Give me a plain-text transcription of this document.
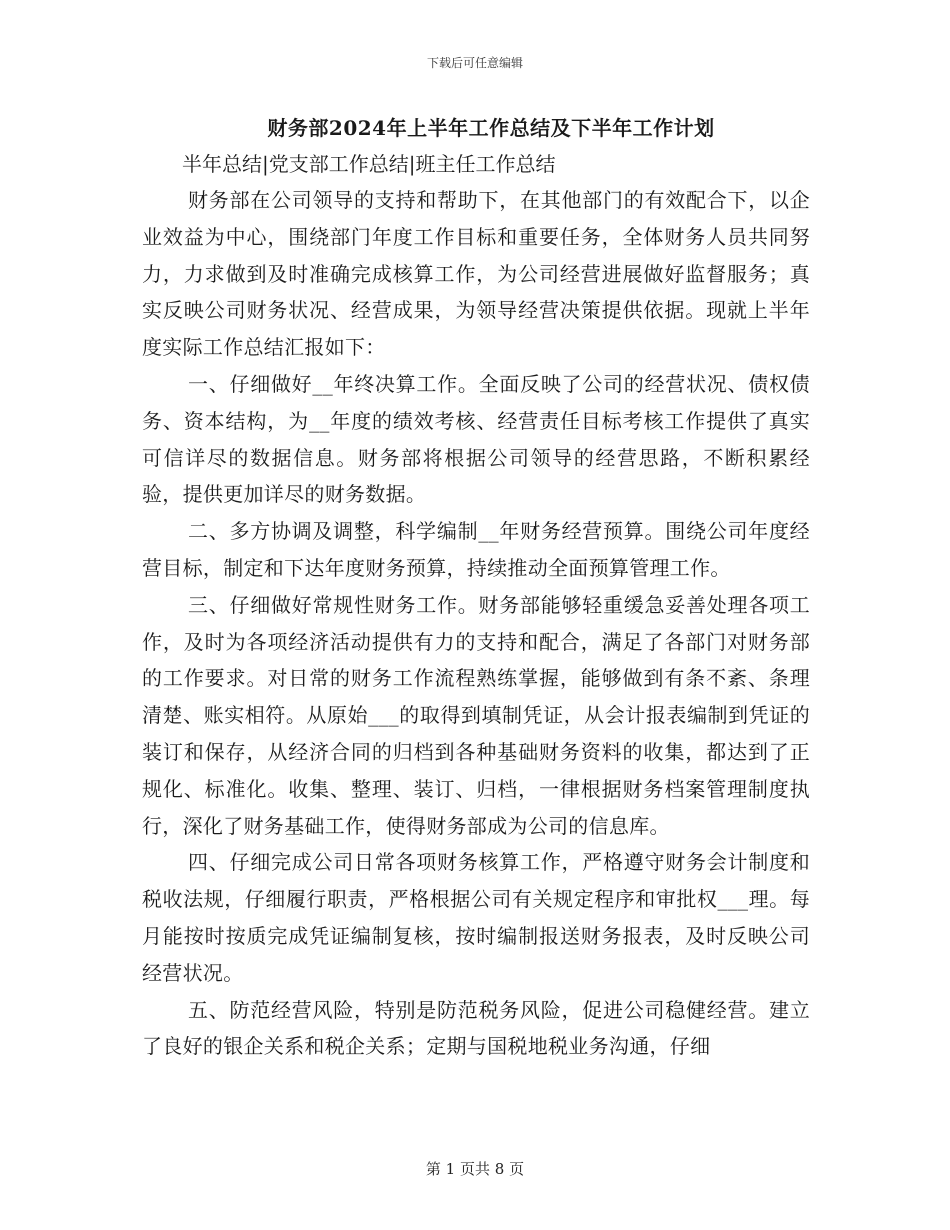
下载后可任意编辑
财务部2024年上半年工作总结及下半年工作计划

半年总结|党支部工作总结|班主任工作总结

财务部在公司领导的支持和帮助下，在其他部门的有效配合下，以企业效益为中心，围绕部门年度工作目标和重要任务，全体财务人员共同努力，力求做到及时准确完成核算工作，为公司经营进展做好监督服务；真实反映公司财务状况、经营成果，为领导经营决策提供依据。现就上半年度实际工作总结汇报如下：

一、仔细做好__年终决算工作。全面反映了公司的经营状况、债权债务、资本结构，为__年度的绩效考核、经营责任目标考核工作提供了真实可信详尽的数据信息。财务部将根据公司领导的经营思路，不断积累经验，提供更加详尽的财务数据。

二、多方协调及调整，科学编制__年财务经营预算。围绕公司年度经营目标，制定和下达年度财务预算，持续推动全面预算管理工作。

三、仔细做好常规性财务工作。财务部能够轻重缓急妥善处理各项工作，及时为各项经济活动提供有力的支持和配合，满足了各部门对财务部的工作要求。对日常的财务工作流程熟练掌握，能够做到有条不紊、条理清楚、账实相符。从原始___的取得到填制凭证，从会计报表编制到凭证的装订和保存，从经济合同的归档到各种基础财务资料的收集，都达到了正规化、标准化。收集、整理、装订、归档，一律根据财务档案管理制度执行，深化了财务基础工作，使得财务部成为公司的信息库。

四、仔细完成公司日常各项财务核算工作，严格遵守财务会计制度和税收法规，仔细履行职责，严格根据公司有关规定程序和审批权___理。每月能按时按质完成凭证编制复核，按时编制报送财务报表，及时反映公司经营状况。

五、防范经营风险，特别是防范税务风险，促进公司稳健经营。建立了良好的银企关系和税企关系；定期与国税地税业务沟通，仔细

第 1 页共 8 页
